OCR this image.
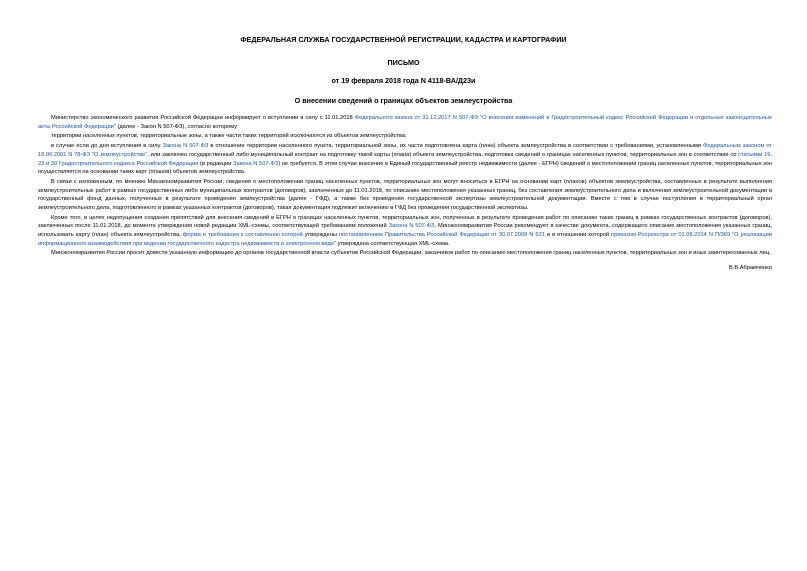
ФЕДЕРАЛЬНАЯ СЛУЖБА ГОСУДАРСТВЕННОЙ РЕГИСТРАЦИИ, КАДАСТРА И КАРТОГРАФИИ
ПИСЬМО
от 19 февраля 2018 года N 4118-ВА/Д23и
О внесении сведений о границах объектов землеустройства

Министерство экономического развития Российской Федерации информирует о вступлении в силу с 11.01.2018 Федерального закона от 31.12.2017 N 507-ФЗ "О внесении изменений в Градостроительный кодекс Российской Федерации и отдельные законодательные акты Российской Федерации" (далее - Закон N 507-ФЗ), согласно которому:

территории населенных пунктов, территориальные зоны, а также части таких территорий исключаются из объектов землеустройства;

в случае если до дня вступления в силу Закона N 507-ФЗ в отношении территории населенного пункта, территориальной зоны, их части подготовлена карта (план) объекта землеустройства в соответствии с требованиями, установленными Федеральным законом от 18.06.2001 N 78-ФЗ "О землеустройстве", или заключен государственный либо муниципальный контракт на подготовку такой карты (плана) объекта землеустройства, подготовка сведений о границах населенных пунктов, территориальных зон в соответствии со статьями 19, 23 и 30 Градостроительного кодекса Российской Федерации (в редакции Закона N 507-ФЗ) не требуется. В этом случае внесение в Единый государственный реестр недвижимости (далее - ЕГРН) сведений о местоположении границ населенных пунктов, территориальных зон осуществляется на основании таких карт (планов) объектов землеустройства.

В связи с изложенным, по мнению Минэкономразвития России, сведения о местоположении границ населенных пунктов, территориальных зон могут вноситься в ЕГРН на основании карт (планов) объектов землеустройства, составленных в результате выполнения землеустроительных работ в рамках государственных либо муниципальных контрактов (договоров), заключенных до 11.01.2018, по описанию местоположения указанных границ, без составления землеустроительного дела и включения землеустроительной документации в государственный фонд данных, полученных в результате проведения землеустройства (далее - ГФД), а также без проведения государственной экспертизы землеустроительной документации. Вместе с тем в случае поступления в территориальный орган землеустроительного дела, подготовленного в рамках указанных контрактов (договоров), такая документация подлежит включению в ГФД без проведения государственной экспертизы.

Кроме того, в целях недопущения создания препятствий для внесения сведений в ЕГРН о границах населенных пунктов, территориальных зон, полученных в результате проведения работ по описанию таких границ в рамках государственных контрактов (договоров), заключенных после 11.01.2018, до момента утверждения новой редакции XML-схемы, соответствующей требованиям положений Закона N 507-ФЗ, Минэкономразвития России рекомендует в качестве документа, содержащего описание местоположения указанных границ, использовать карту (план) объекта землеустройства, форма и требования к составлению которой утверждены постановлением Правительства Российской Федерации от 30.07.2009 N 621 и в отношении которой приказом Росреестра от 01.08.2014 N П/369 "О реализации информационного взаимодействия при ведении государственного кадастра недвижимости в электронном виде" утверждена соответствующая XML-схема.

Минэкономразвития России просит довести указанную информацию до органов государственной власти субъектов Российской Федерации, заказчиков работ по описанию местоположения границ населенных пунктов, территориальных зон и иных заинтересованных лиц.

В.В.Абрамченко
